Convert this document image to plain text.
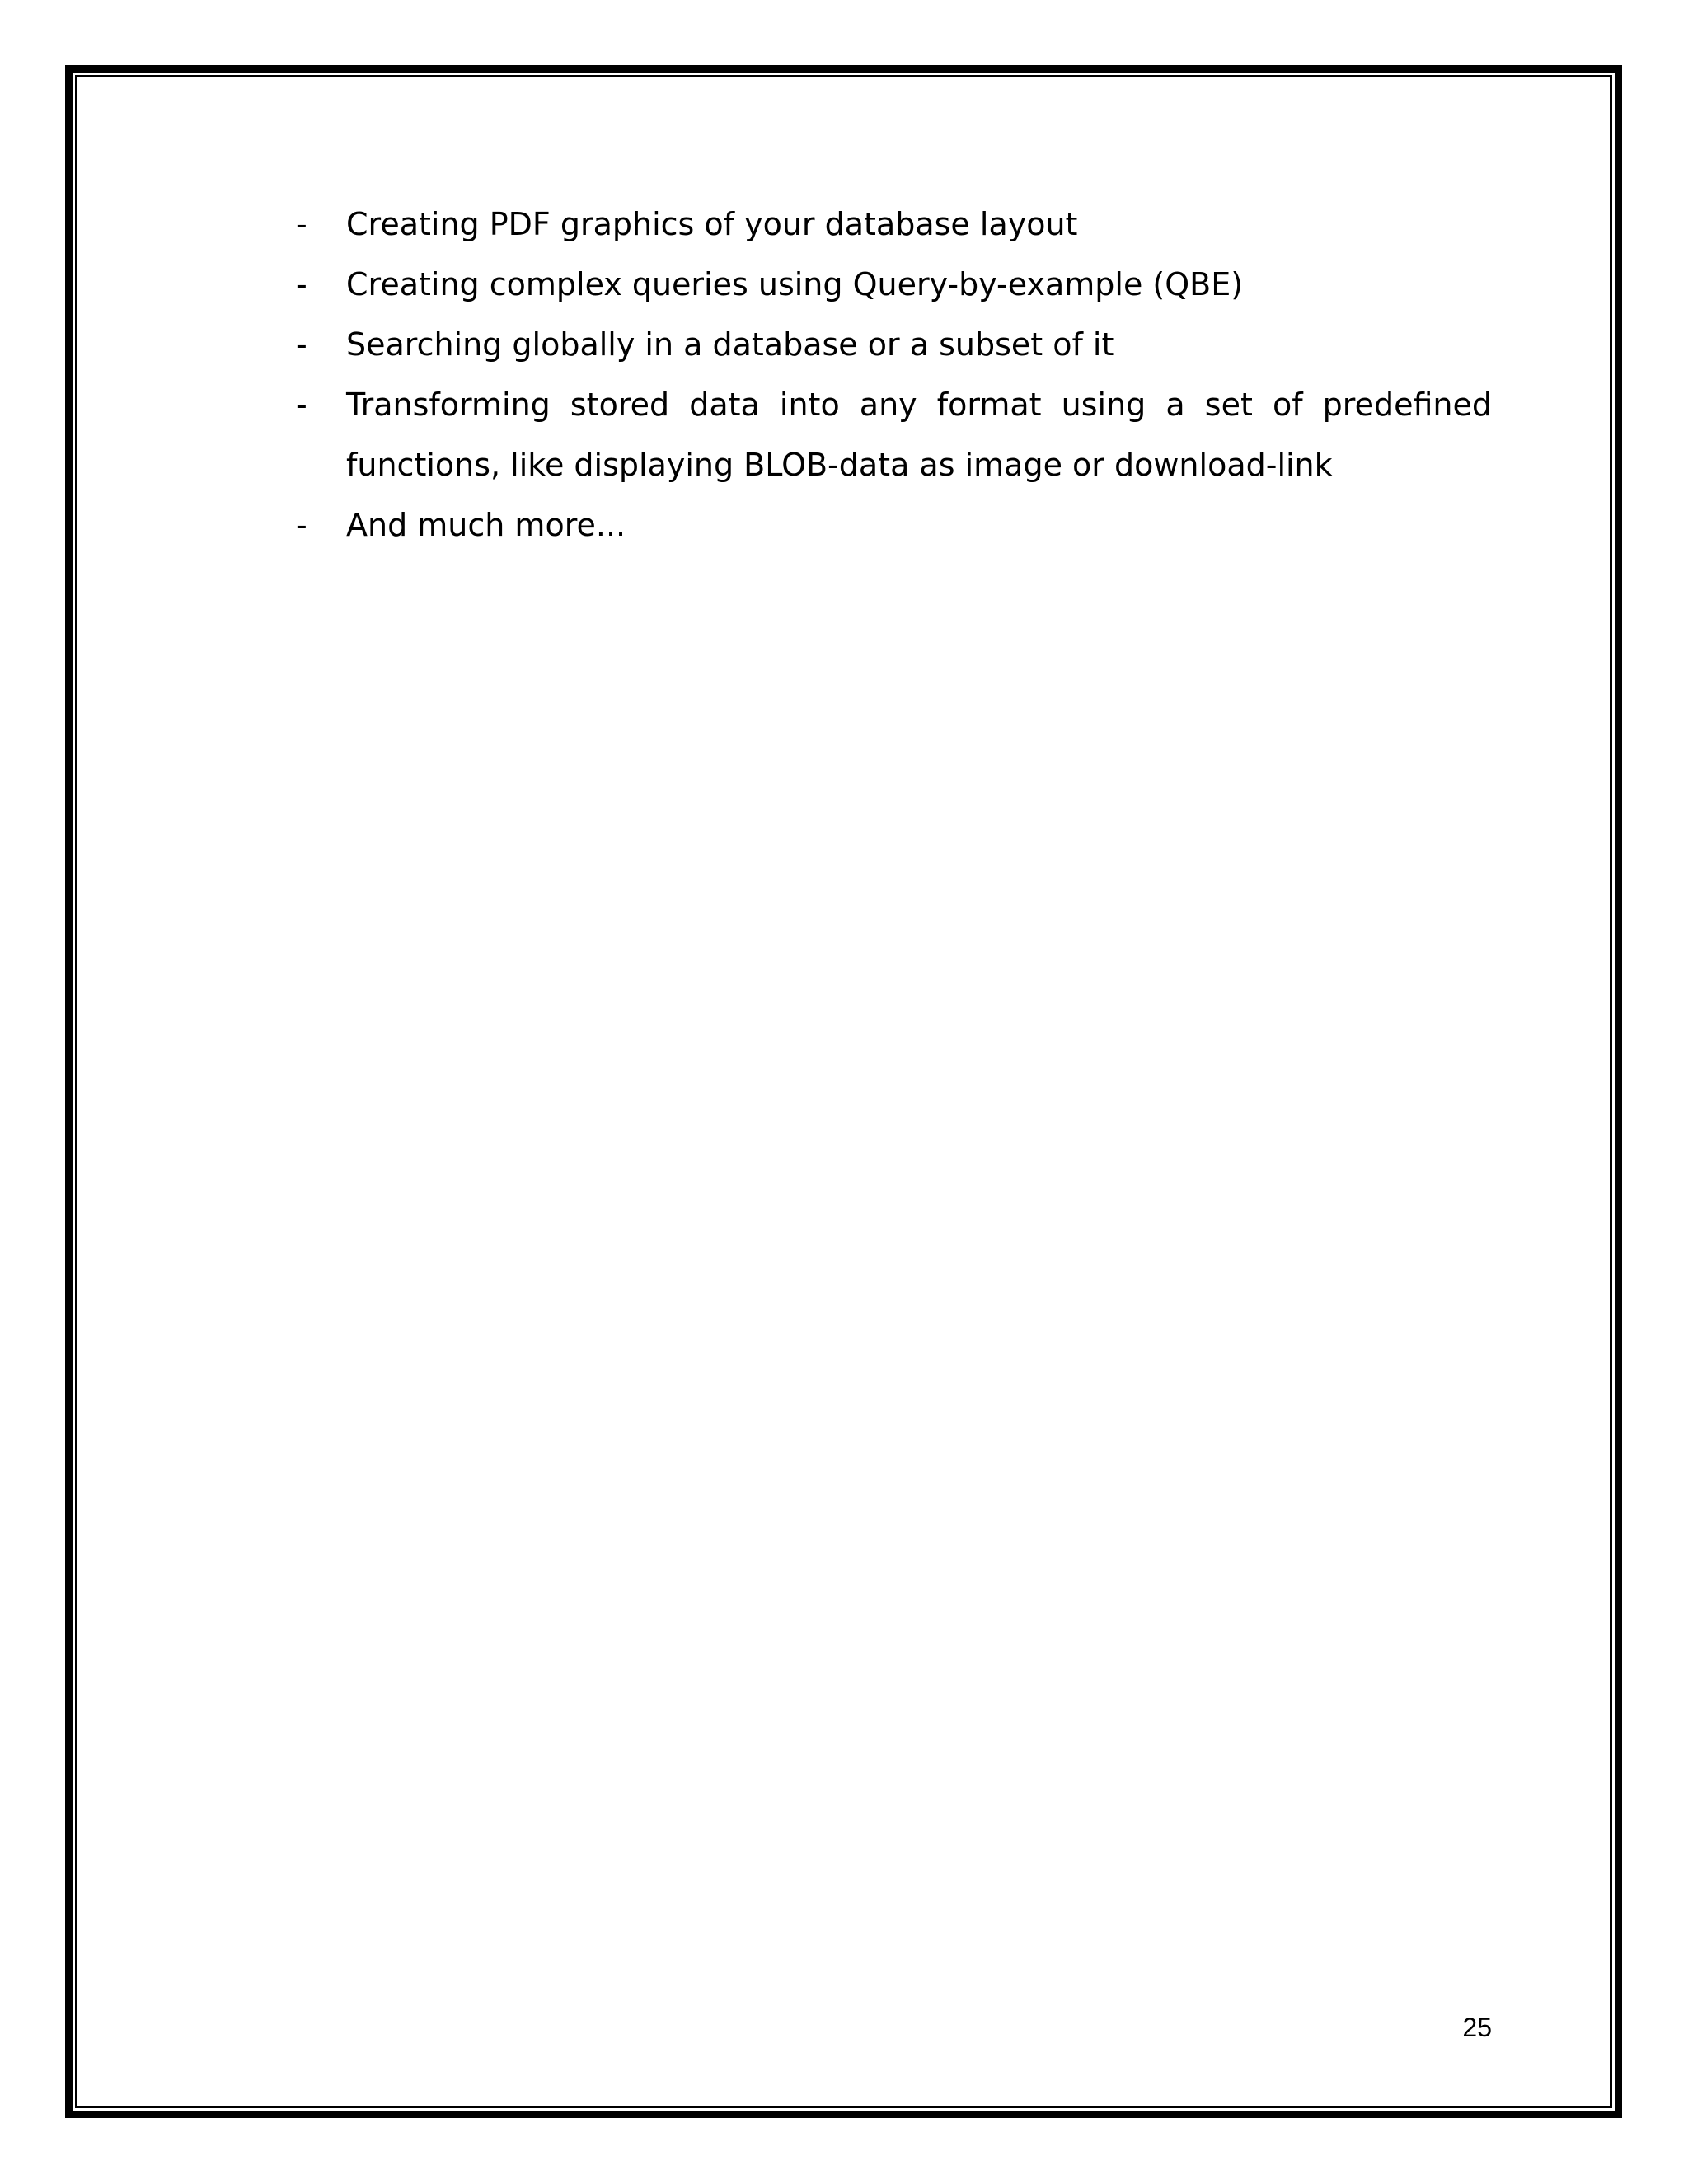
- Creating PDF graphics of your database layout
- Creating complex queries using Query-by-example (QBE)
- Searching globally in a database or a subset of it
- Transforming stored data into any format using a set of predefined functions, like displaying BLOB-data as image or download-link
- And much more...
25
